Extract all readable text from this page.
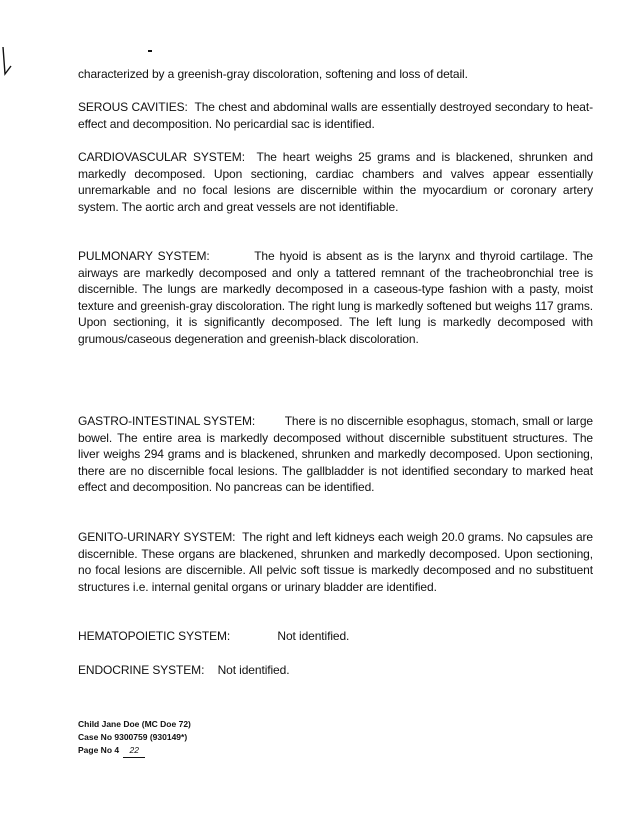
characterized by a greenish-gray discoloration, softening and loss of detail.
SEROUS CAVITIES: The chest and abdominal walls are essentially destroyed secondary to heat-effect and decomposition. No pericardial sac is identified.
CARDIOVASCULAR SYSTEM: The heart weighs 25 grams and is blackened, shrunken and markedly decomposed. Upon sectioning, cardiac chambers and valves appear essentially unremarkable and no focal lesions are discernible within the myocardium or coronary artery system. The aortic arch and great vessels are not identifiable.
PULMONARY SYSTEM:	The hyoid is absent as is the larynx and thyroid cartilage. The airways are markedly decomposed and only a tattered remnant of the tracheobronchial tree is discernible. The lungs are markedly decomposed in a caseous-type fashion with a pasty, moist texture and greenish-gray discoloration. The right lung is markedly softened but weighs 117 grams. Upon sectioning, it is significantly decomposed. The left lung is markedly decomposed with grumous/caseous degeneration and greenish-black discoloration.
GASTRO-INTESTINAL SYSTEM: There is no discernible esophagus, stomach, small or large bowel. The entire area is markedly decomposed without discernible substituent structures. The liver weighs 294 grams and is blackened, shrunken and markedly decomposed. Upon sectioning, there are no discernible focal lesions. The gallbladder is not identified secondary to marked heat effect and decomposition. No pancreas can be identified.
GENITO-URINARY SYSTEM: The right and left kidneys each weigh 20.0 grams. No capsules are discernible. These organs are blackened, shrunken and markedly decomposed. Upon sectioning, no focal lesions are discernible. All pelvic soft tissue is markedly decomposed and no substituent structures i.e. internal genital organs or urinary bladder are identified.
HEMATOPOIETIC SYSTEM:	Not identified.
ENDOCRINE SYSTEM: Not identified.
Child Jane Doe (MC Doe 72)
Case No 9300759 (930149*)
Page No 4 22
